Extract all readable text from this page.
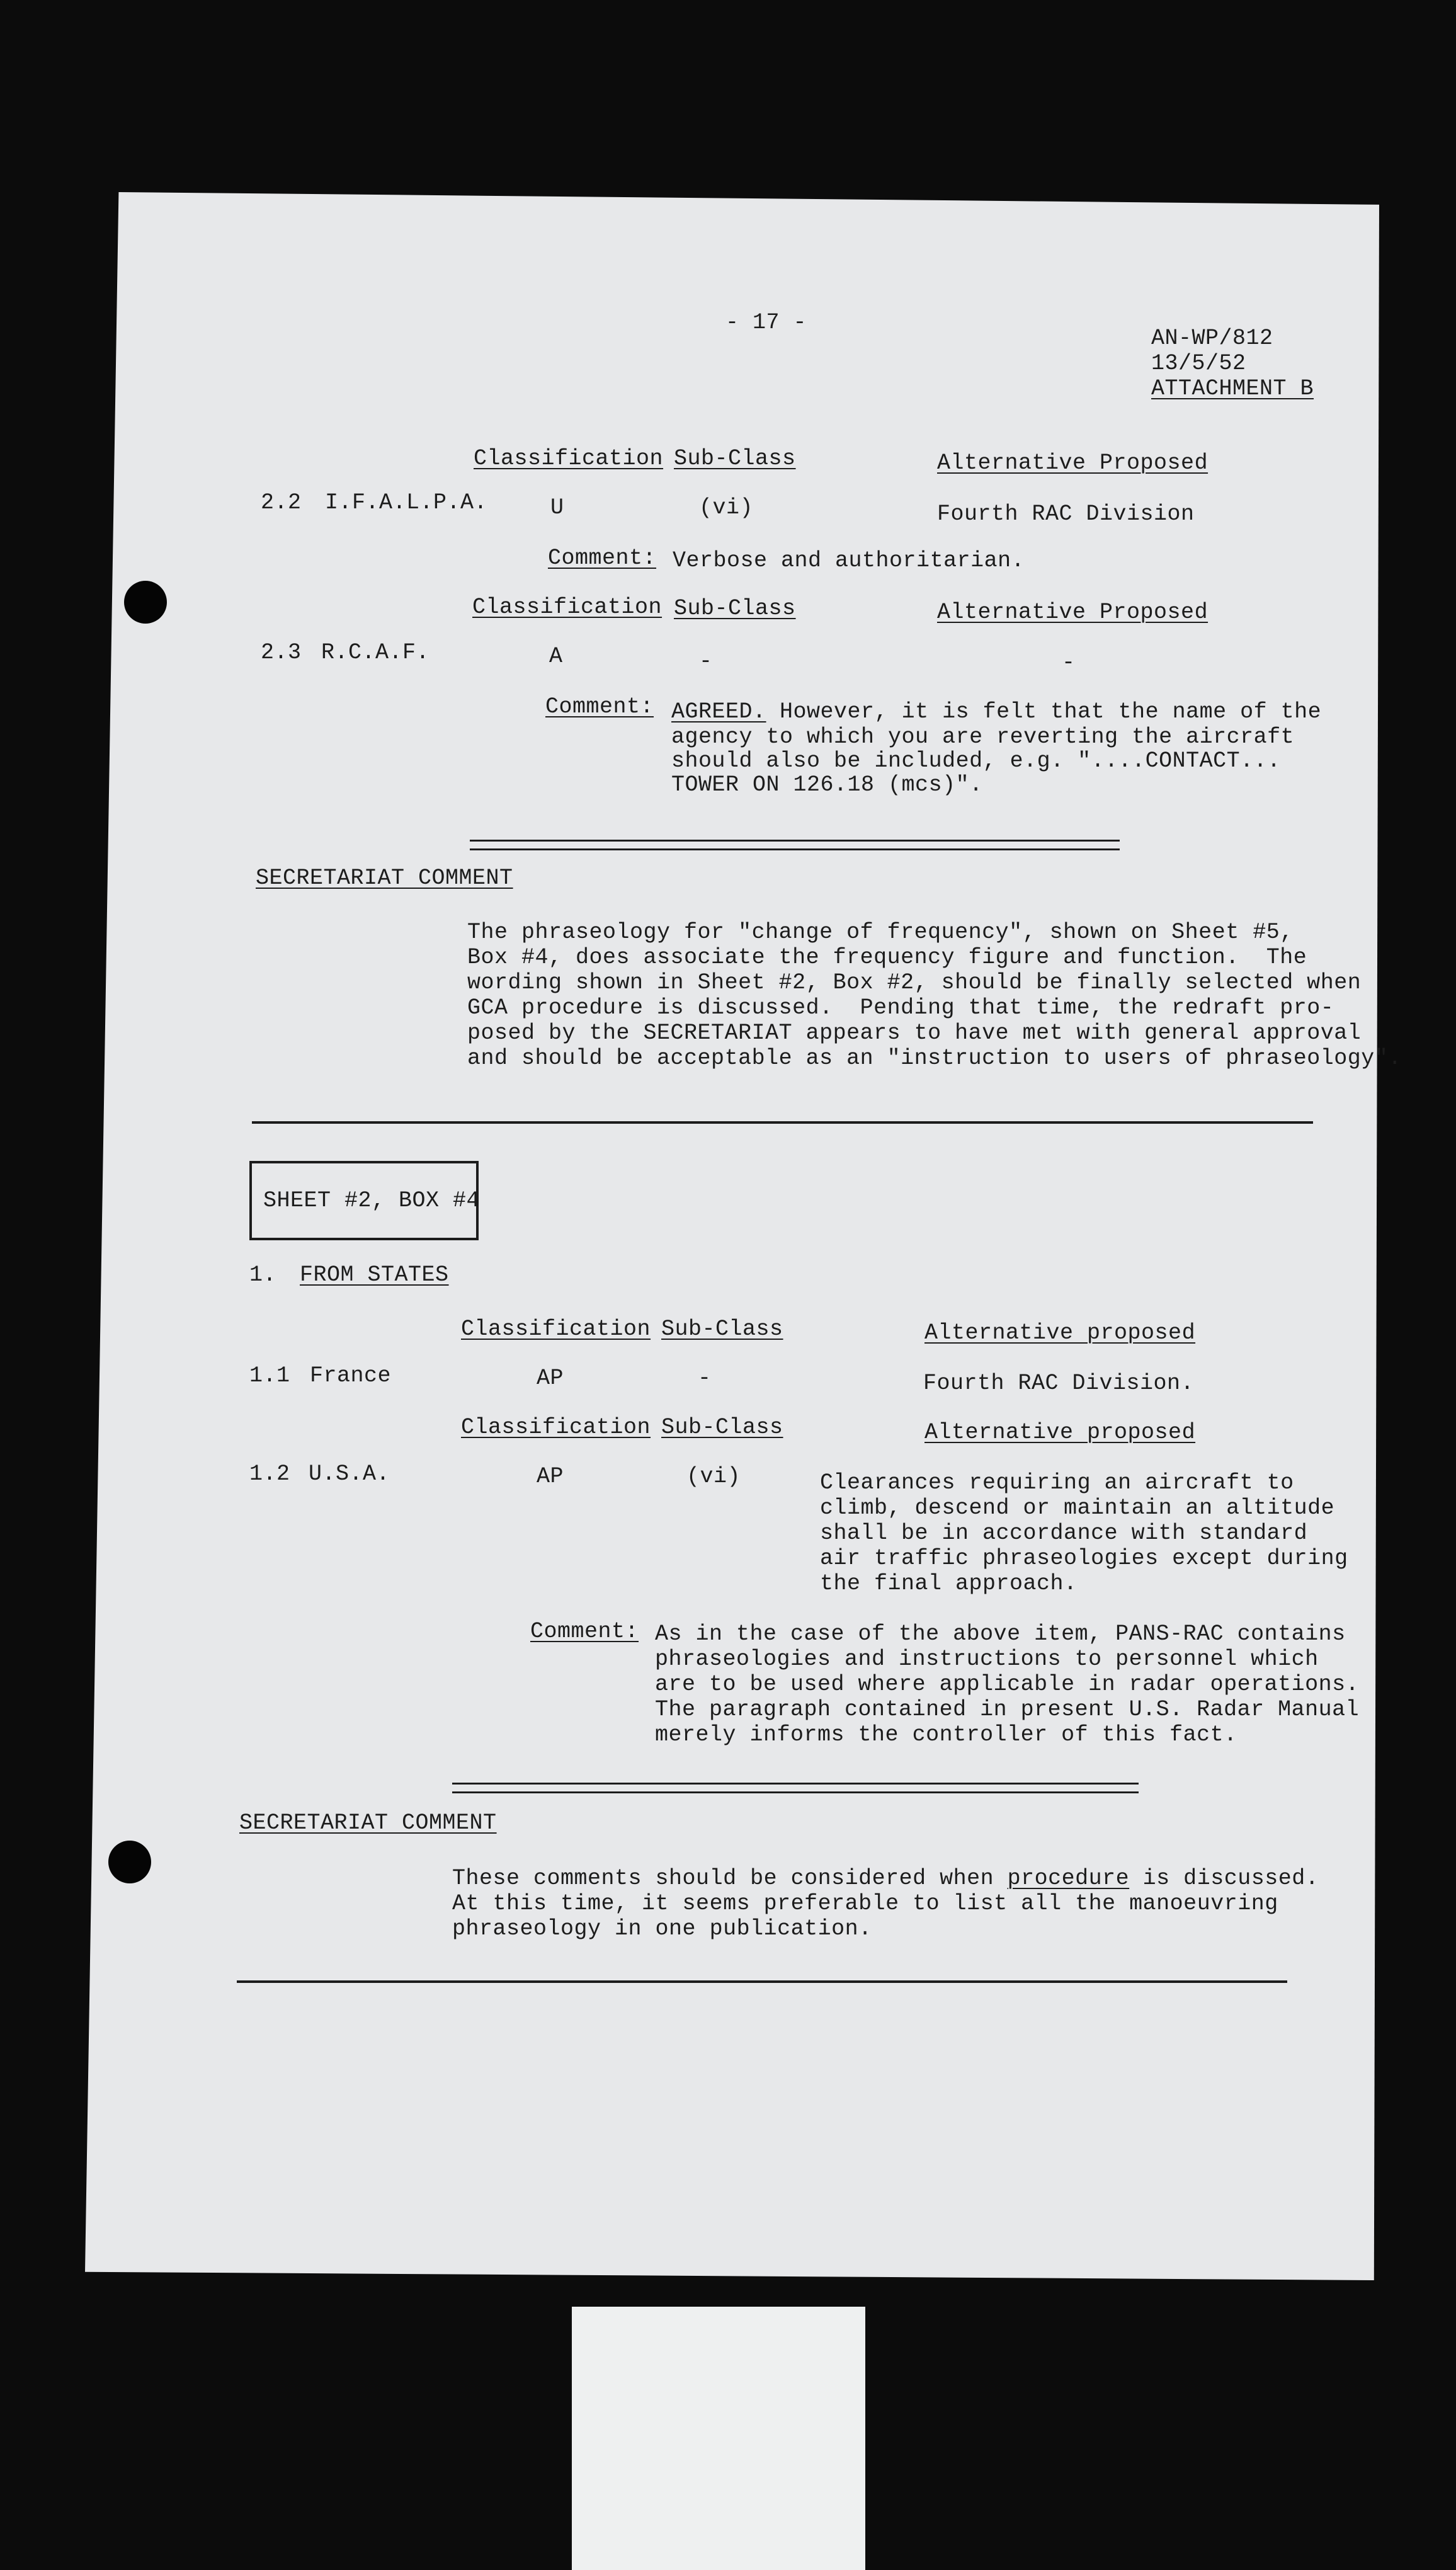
- 17 -
AN-WP/812
13/5/52
ATTACHMENT B
Classification Sub-Class	Alternative Proposed
2.2 I.F.A.L.P.A.	U	(vi)	Fourth RAC Division
Comment: Verbose and authoritarian.
Classification Sub-Class	Alternative Proposed
2.3 R.C.A.F.	A	-	-
Comment: AGREED. However, it is felt that the name of the
agency to which you are reverting the aircraft
should also be included, e.g. "....CONTACT...
TOWER ON 126.18 (mcs)".
SECRETARIAT COMMENT
The phraseology for "change of frequency", shown on Sheet #5,
Box #4, does associate the frequency figure and function.  The
wording shown in Sheet #2, Box #2, should be finally selected when
GCA procedure is discussed.  Pending that time, the redraft pro-
posed by the SECRETARIAT appears to have met with general approval
and should be acceptable as an "instruction to users of phraseology".
SHEET #2, BOX #4
1. FROM STATES
Classification Sub-Class	Alternative proposed
1.1 France	AP	-	Fourth RAC Division.
Classification Sub-Class	Alternative proposed
1.2 U.S.A.	AP	(vi)	Clearances requiring an aircraft to
climb, descend or maintain an altitude
shall be in accordance with standard
air traffic phraseologies except during
the final approach.
Comment: As in the case of the above item, PANS-RAC contains
phraseologies and instructions to personnel which
are to be used where applicable in radar operations.
The paragraph contained in present U.S. Radar Manual
merely informs the controller of this fact.
SECRETARIAT COMMENT
These comments should be considered when procedure is discussed.
At this time, it seems preferable to list all the manoeuvring
phraseology in one publication.
